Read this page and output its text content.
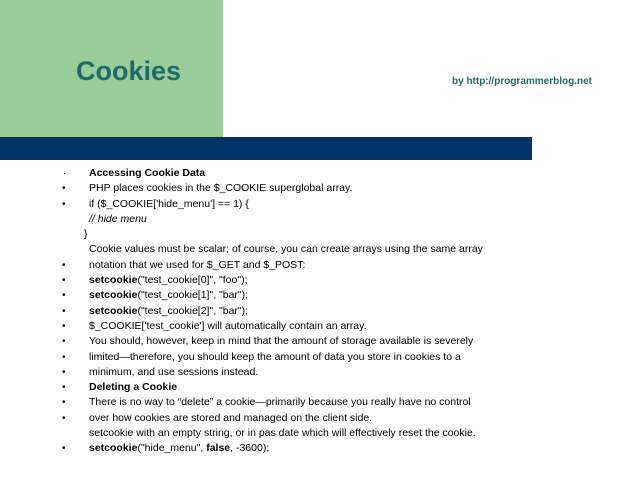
Cookies	by http://programmerblog.net
· Accessing Cookie Data
• PHP places cookies in the $_COOKIE superglobal array.
• if ($_COOKIE['hide_menu'] == 1) {
// hide menu
}
Cookie values must be scalar; of course, you can create arrays using the same array
• notation that we used for $_GET and $_POST:
• setcookie("test_cookie[0]", "foo");
• setcookie("test_cookie[1]", "bar");
• setcookie("test_cookie[2]", "bar");
• $_COOKIE['test_cookie'] will automatically contain an array.
• You should, however, keep in mind that the amount of storage available is severely
• limited—therefore, you should keep the amount of data you store in cookies to a
• minimum, and use sessions instead.
• Deleting a Cookie
• There is no way to “delete” a cookie—primarily because you really have no control
• over how cookies are stored and managed on the client side.
setcookie with an empty string, or in pas date which will effectively reset the cookie.
• setcookie("hide_menu", false, -3600);
